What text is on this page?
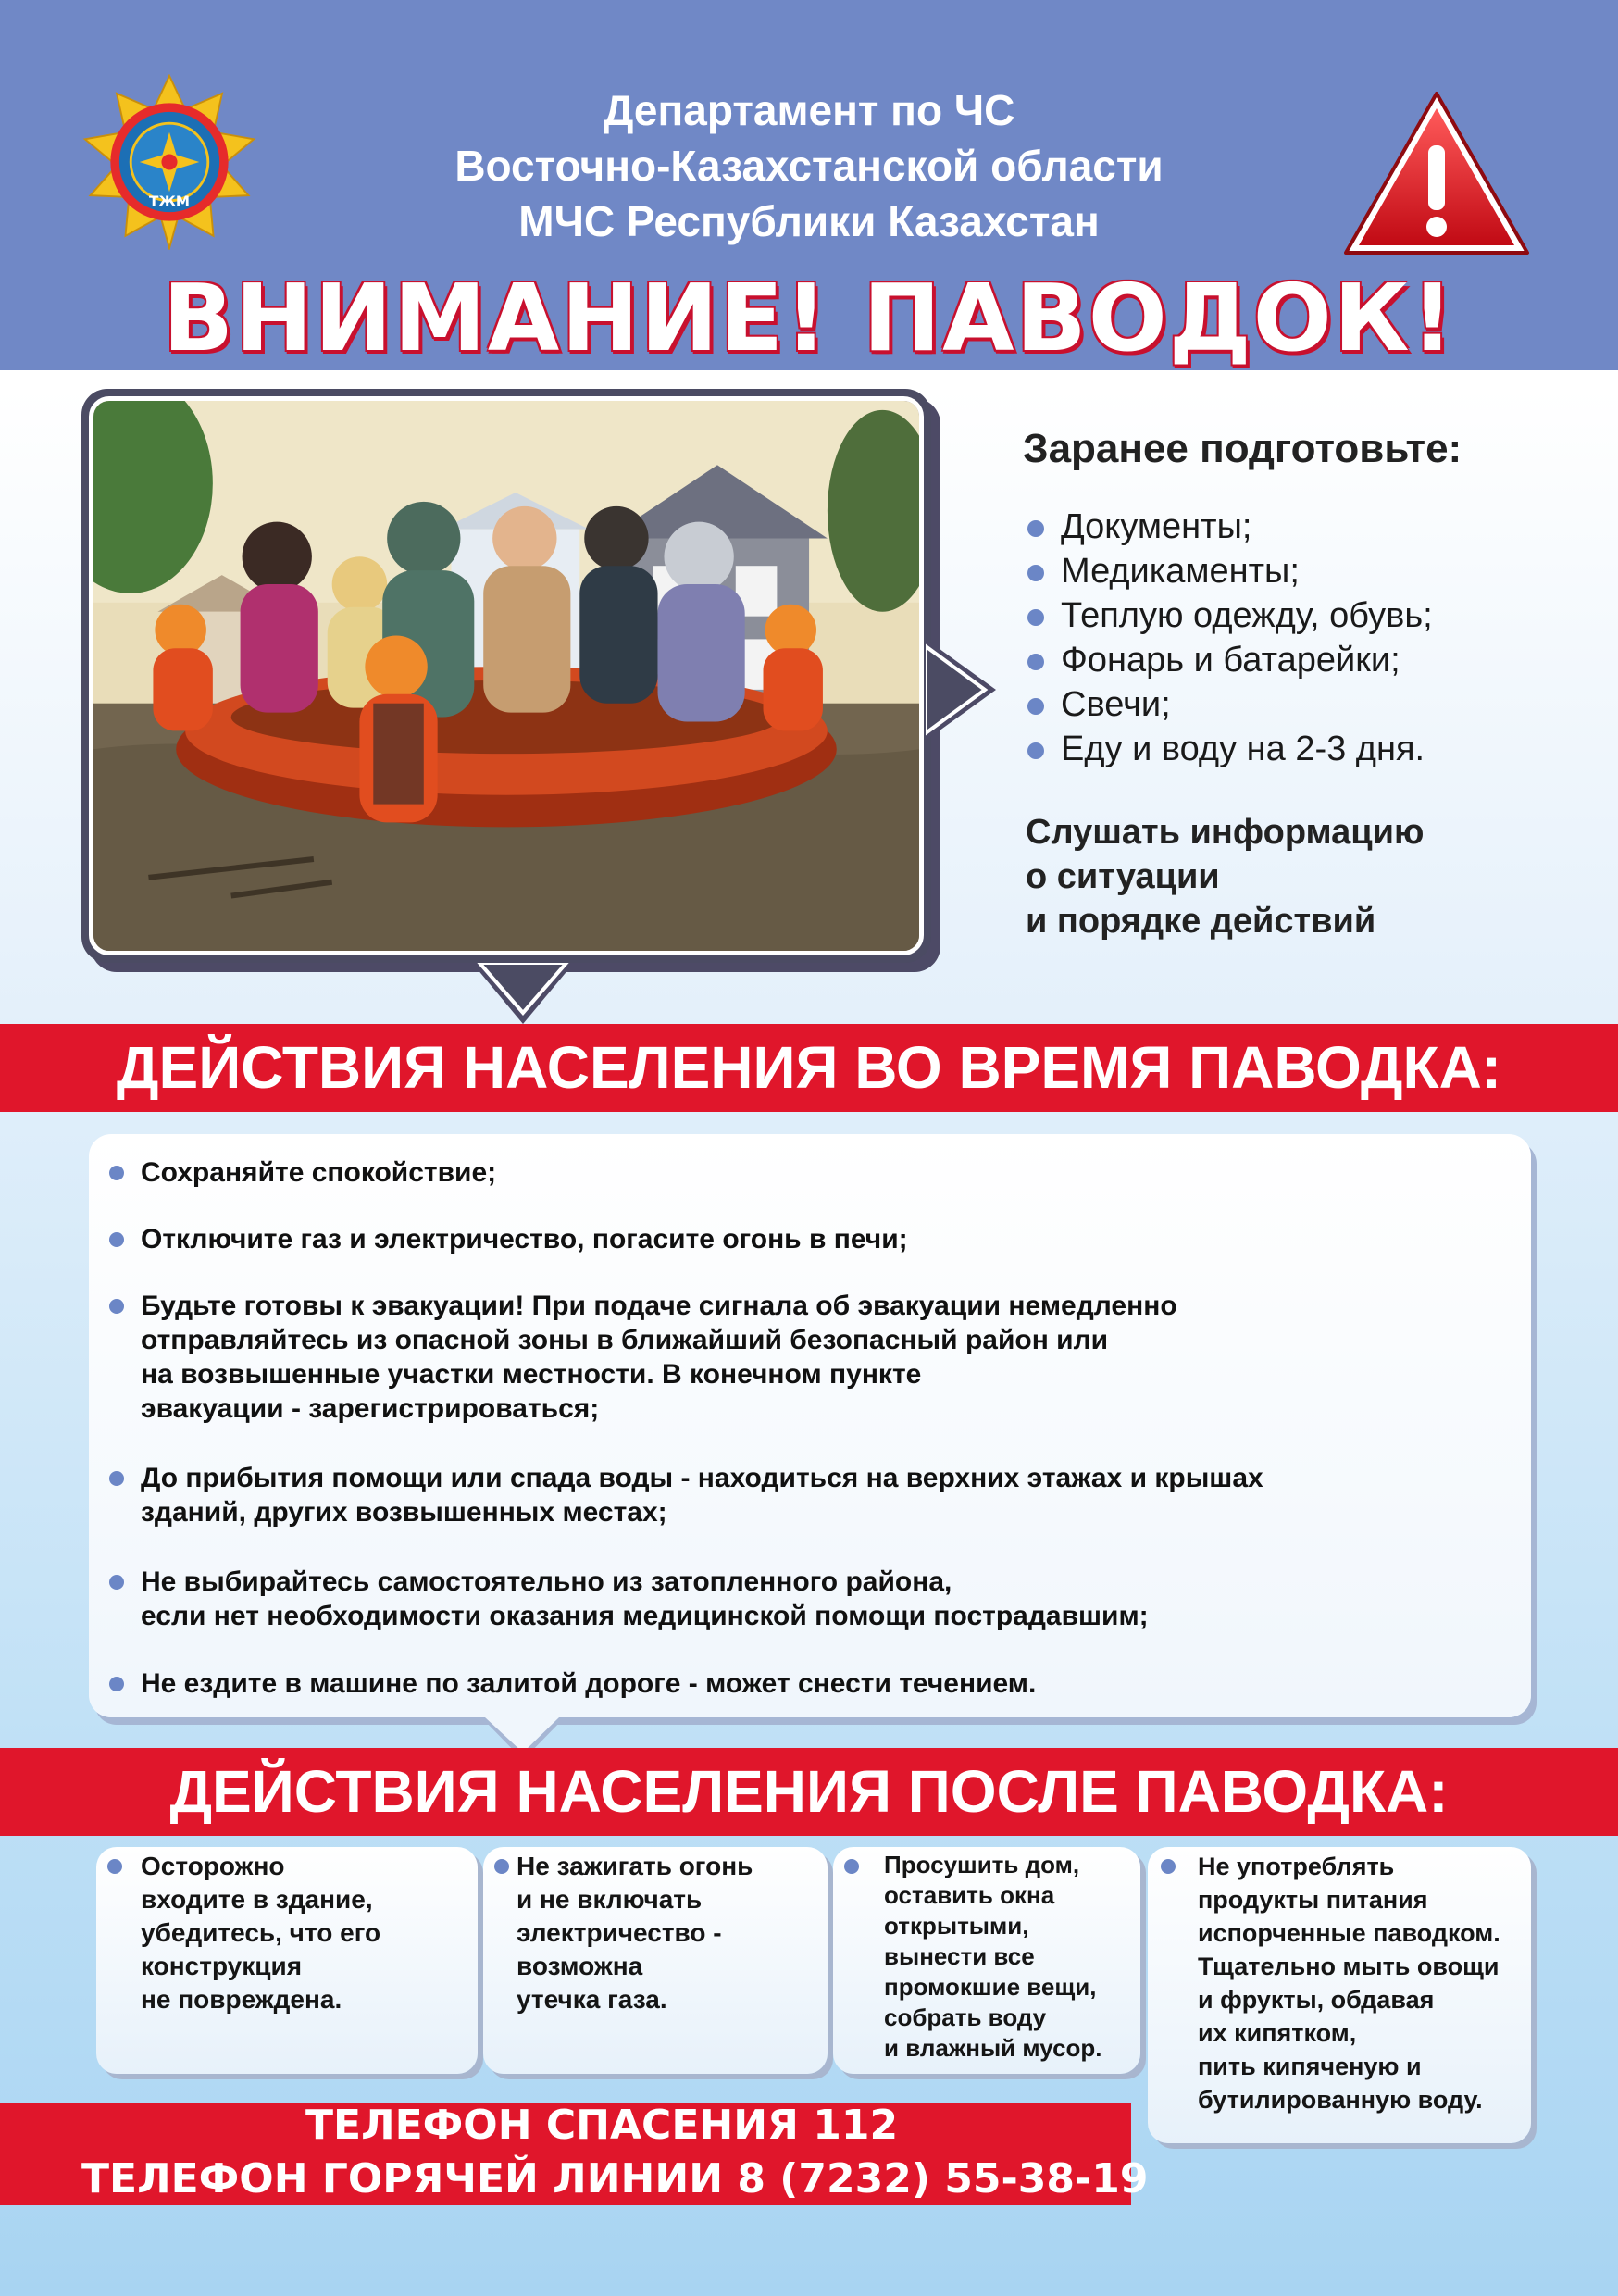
ТЖМ
Департамент по ЧС
Восточно-Казахстанской области
МЧС Республики Казахстан
ВНИМАНИЕ! ПАВОДОК!
Заранее подготовьте:
Документы;
Медикаменты;
Теплую одежду, обувь;
Фонарь и батарейки;
Свечи;
Еду и воду на 2-3 дня.
Слушать информацию
о ситуации
и порядке действий
ДЕЙСТВИЯ НАСЕЛЕНИЯ ВО ВРЕМЯ ПАВОДКА:
Сохраняйте спокойствие;
Отключите газ и электричество, погасите огонь в печи;
Будьте готовы к эвакуации! При подаче сигнала об эвакуации немедленно
отправляйтесь из опасной зоны в ближайший безопасный район или
на возвышенные участки местности. В конечном пункте
эвакуации - зарегистрироваться;
До прибытия помощи или спада воды - находиться на верхних этажах и крышах
зданий, других возвышенных местах;
Не выбирайтесь самостоятельно из затопленного района,
если нет необходимости оказания медицинской помощи пострадавшим;
Не ездите в машине по залитой дороге - может снести течением.
ДЕЙСТВИЯ НАСЕЛЕНИЯ ПОСЛЕ ПАВОДКА:
Осторожно
входите в здание,
убедитесь, что его
конструкция
не повреждена.
Не зажигать огонь
и не включать
электричество -
возможна
утечка газа.
Просушить дом,
оставить окна
открытыми,
вынести все
промокшие вещи,
собрать воду
и влажный мусор.
Не употреблять
продукты питания
испорченные паводком.
Тщательно мыть овощи
и фрукты, обдавая
их кипятком,
пить кипяченую и
бутилированную воду.
ТЕЛЕФОН СПАСЕНИЯ 112
ТЕЛЕФОН ГОРЯЧЕЙ ЛИНИИ 8 (7232) 55-38-19
